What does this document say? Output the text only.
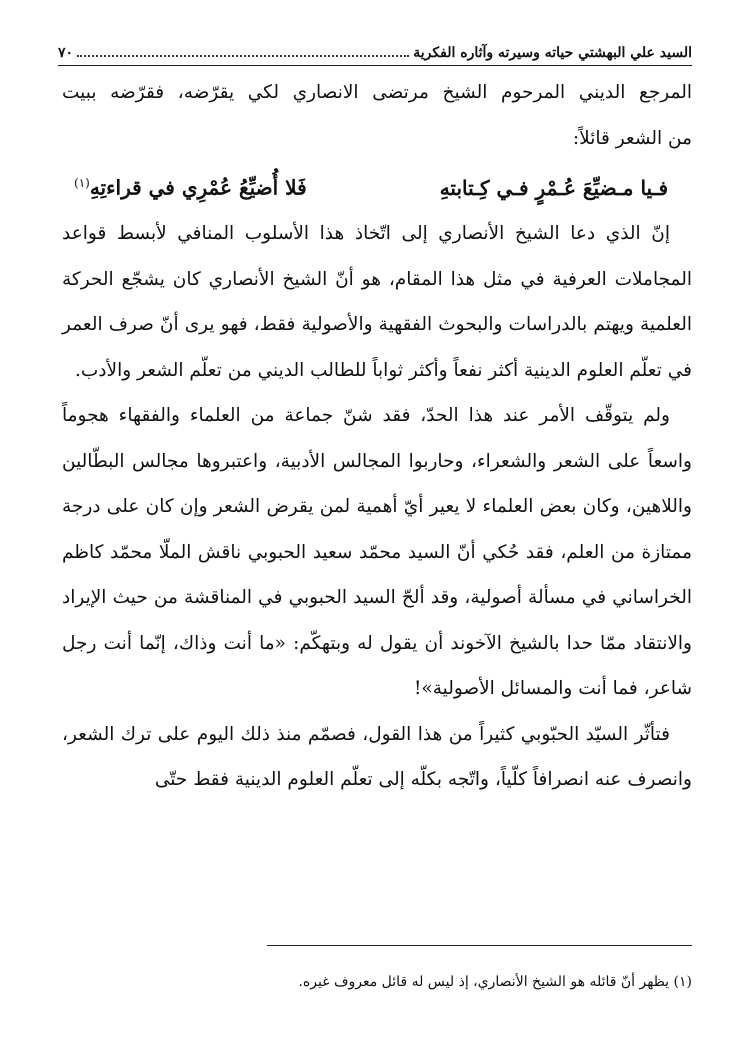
السيد علي البهشتي حياته وسيرته وآثاره الفكرية
٧٠

المرجع الديني المرحوم الشيخ مرتضى الانصاري‏ لكي يقرّضه، فقرّضه ببيت

من الشعر قائلاً:

فـيا مـضيِّعَ عُـمْرٍ فـي كِـتابتهِ
فَلا أُضيِّعُ عُمْرِي في قراءتِهِ$^{(١)}$

إنّ الذي دعا الشيخ الأنصاري‏ إلى اتّخاذ هذا الأسلوب المنافي لأبسط قواعد المجاملات العرفية في مثل هذا المقام، هو أنّ الشيخ الأنصاري كان يشجّع الحركة العلمية ويهتم بالدراسات والبحوث الفقهية والأصولية فقط، فهو يرى أنّ صرف العمر في تعلّم العلوم الدينية أكثر نفعاً وأكثر ثواباً للطالب الديني من تعلّم الشعر والأدب.

ولم يتوقّف الأمر عند هذا الحدّ، فقد شنّ جماعة من العلماء والفقهاء هجوماً واسعاً على الشعر والشعراء، وحاربوا المجالس الأدبية، واعتبروها مجالس البطّالين واللاهين، وكان بعض العلماء لا يعير أيّ أهمية لمن يقرض الشعر وإن كان على درجة ممتازة من العلم، فقد حُكي أنّ السيد محمّد سعيد الحبوبي ناقش الملّا محمّد كاظم الخراساني في مسألة أصولية، وقد ألحّ السيد الحبوبي في المناقشة من حيث الإيراد والانتقاد ممّا حدا بالشيخ الآخوند أن يقول له وبتهكّم: «ما أنت وذاك، إنّما أنت رجل شاعر، فما أنت والمسائل الأصولية»!

فتأثّر السيّد الحبّوبي كثيراً من هذا القول، فصمّم منذ ذلك اليوم على ترك الشعر، وانصرف عنه انصرافاً كلّياً، واتّجه بكلّه إلى تعلّم العلوم الدينية فقط حتّى

(١) يظهر أنّ قائله هو الشيخ الأنصاري، إذ ليس له قائل معروف غيره.
